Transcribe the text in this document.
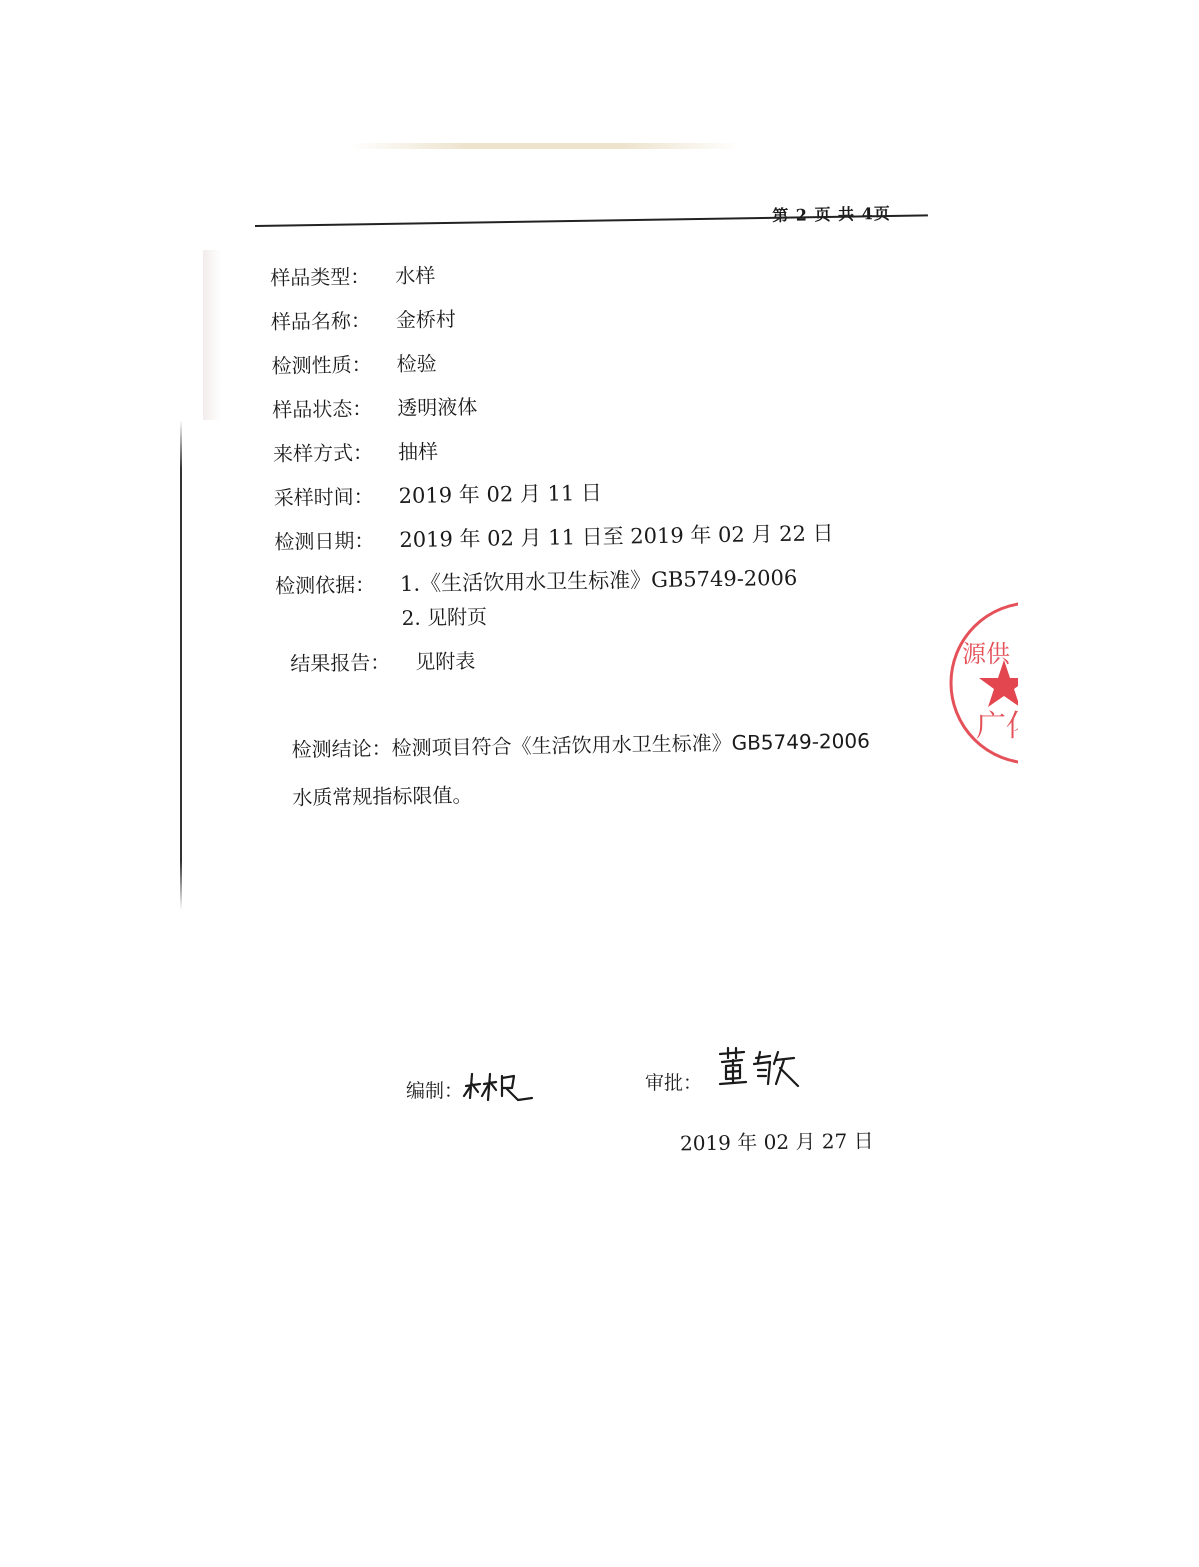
第 2 页 共 4页
样品类型： 水样
样品名称： 金桥村
检测性质： 检验
样品状态： 透明液体
来样方式： 抽样
采样时间： 2019 年 02 月 11 日
检测日期： 2019 年 02 月 11 日至 2019 年 02 月 22 日
检测依据： 1.《生活饮用水卫生标准》GB5749-2006
2. 见附页
结果报告： 见附表
检测结论：检测项目符合《生活饮用水卫生标准》GB5749-2006
水质常规指标限值。
源供
广化
编制：	审批：
2019 年 02 月 27 日
